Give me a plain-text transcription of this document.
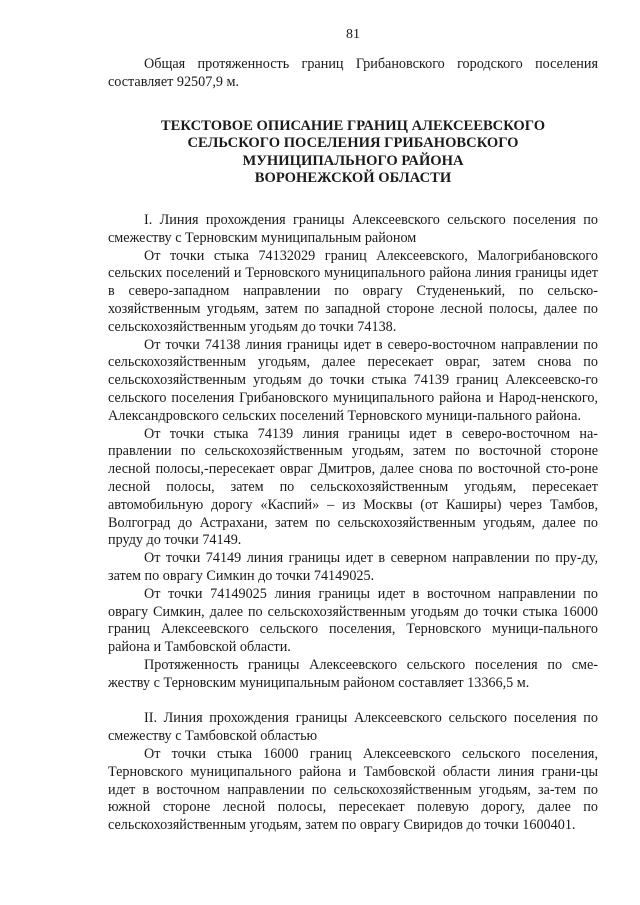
81

Общая протяженность границ Грибановского городского поселения составляет 92507,9 м.

ТЕКСТОВОЕ ОПИСАНИЕ ГРАНИЦ АЛЕКСЕЕВСКОГО
СЕЛЬСКОГО ПОСЕЛЕНИЯ ГРИБАНОВСКОГО
МУНИЦИПАЛЬНОГО РАЙОНА
ВОРОНЕЖСКОЙ ОБЛАСТИ

I. Линия прохождения границы Алексеевского сельского поселения по смежеству с Терновским муниципальным районом

От точки стыка 74132029 границ Алексеевского, Малогрибановского сельских поселений и Терновского муниципального района линия границы идет в северо-западном направлении по оврагу Студененький, по сельско-хозяйственным угодьям, затем по западной стороне лесной полосы, далее по сельскохозяйственным угодьям до точки 74138.

От точки 74138 линия границы идет в северо-восточном направлении по сельскохозяйственным угодьям, далее пересекает овраг, затем снова по сельскохозяйственным угодьям до точки стыка 74139 границ Алексеевско-го сельского поселения Грибановского муниципального района и Народ-ненского, Александровского сельских поселений Терновского муници-пального района.

От точки стыка 74139 линия границы идет в северо-восточном на-правлении по сельскохозяйственным угодьям, затем по восточной стороне лесной полосы,-пересекает овраг Дмитров, далее снова по восточной сто-роне лесной полосы, затем по сельскохозяйственным угодьям, пересекает автомобильную дорогу «Каспий» – из Москвы (от Каширы) через Тамбов, Волгоград до Астрахани, затем по сельскохозяйственным угодьям, далее по пруду до точки 74149.

От точки 74149 линия границы идет в северном направлении по пру-ду, затем по оврагу Симкин до точки 74149025.

От точки 74149025 линия границы идет в восточном направлении по оврагу Симкин, далее по сельскохозяйственным угодьям до точки стыка 16000 границ Алексеевского сельского поселения, Терновского муници-пального района и Тамбовской области.

Протяженность границы Алексеевского сельского поселения по сме-жеству с Терновским муниципальным районом составляет 13366,5 м.

II. Линия прохождения границы Алексеевского сельского поселения по смежеству с Тамбовской областью

От точки стыка 16000 границ Алексеевского сельского поселения, Терновского муниципального района и Тамбовской области линия грани-цы идет в восточном направлении по сельскохозяйственным угодьям, за-тем по южной стороне лесной полосы, пересекает полевую дорогу, далее по сельскохозяйственным угодьям, затем по оврагу Свиридов до точки 1600401.
